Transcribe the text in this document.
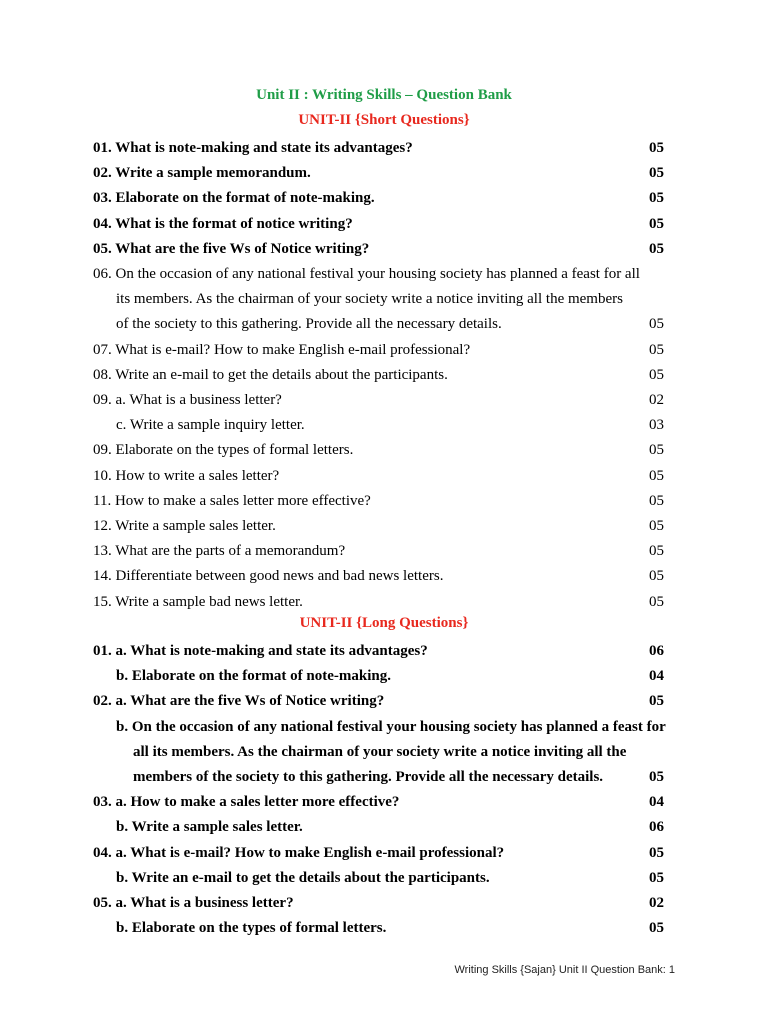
Unit II : Writing Skills – Question Bank
UNIT-II {Short Questions}
01. What is note-making and state its advantages?	05
02. Write a sample memorandum.	05
03. Elaborate on the format of note-making.	05
04. What is the format of notice writing?	05
05. What are the five Ws of Notice writing?	05
06. On the occasion of any national festival your housing society has planned a feast for all
its members. As the chairman of your society write a notice inviting all the members
of the society to this gathering. Provide all the necessary details.	05
07. What is e-mail? How to make English e-mail professional?	05
08. Write an e-mail to get the details about the participants.	05
09. a. What is a business letter?	02
c. Write a sample inquiry letter.	03
09. Elaborate on the types of formal letters.	05
10. How to write a sales letter?	05
11. How to make a sales letter more effective?	05
12. Write a sample sales letter.	05
13. What are the parts of a memorandum?	05
14. Differentiate between good news and bad news letters.	05
15. Write a sample bad news letter.	05
UNIT-II {Long Questions}
01. a. What is note-making and state its advantages?	06
b. Elaborate on the format of note-making.	04
02. a. What are the five Ws of Notice writing?	05
b. On the occasion of any national festival your housing society has planned a feast for
all its members. As the chairman of your society write a notice inviting all the
members of the society to this gathering. Provide all the necessary details.	05
03. a. How to make a sales letter more effective?	04
b. Write a sample sales letter.	06
04. a. What is e-mail? How to make English e-mail professional?	05
b. Write an e-mail to get the details about the participants.	05
05. a. What is a business letter?	02
b. Elaborate on the types of formal letters.	05
Writing Skills {Sajan} Unit II Question Bank: 1
